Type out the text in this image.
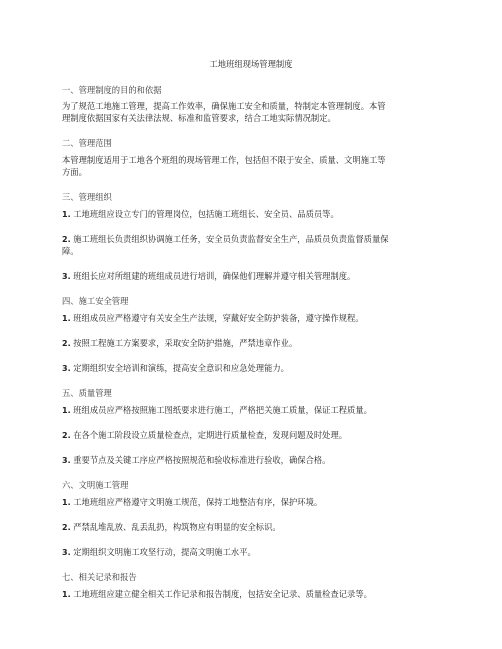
工地班组现场管理制度
一、管理制度的目的和依据
为了规范工地施工管理，提高工作效率，确保施工安全和质量，特制定本管理制度。本管
理制度依据国家有关法律法规、标准和监管要求，结合工地实际情况制定。
二、管理范围
本管理制度适用于工地各个班组的现场管理工作，包括但不限于安全、质量、文明施工等
方面。
三、管理组织
1. 工地班组应设立专门的管理岗位，包括施工班组长、安全员、品质员等。
2. 施工班组长负责组织协调施工任务，安全员负责监督安全生产，品质员负责监督质量保
障。
3. 班组长应对所组建的班组成员进行培训，确保他们理解并遵守相关管理制度。
四、施工安全管理
1. 班组成员应严格遵守有关安全生产法规，穿戴好安全防护装备，遵守操作规程。
2. 按照工程施工方案要求，采取安全防护措施，严禁违章作业。
3. 定期组织安全培训和演练，提高安全意识和应急处理能力。
五、质量管理
1. 班组成员应严格按照施工图纸要求进行施工，严格把关施工质量，保证工程质量。
2. 在各个施工阶段设立质量检查点，定期进行质量检查，发现问题及时处理。
3. 重要节点及关键工序应严格按照规范和验收标准进行验收，确保合格。
六、文明施工管理
1. 工地班组应严格遵守文明施工规范，保持工地整洁有序，保护环境。
2. 严禁乱堆乱放、乱丢乱扔，构筑物应有明显的安全标识。
3. 定期组织文明施工攻坚行动，提高文明施工水平。
七、相关记录和报告
1. 工地班组应建立健全相关工作记录和报告制度，包括安全记录、质量检查记录等。
